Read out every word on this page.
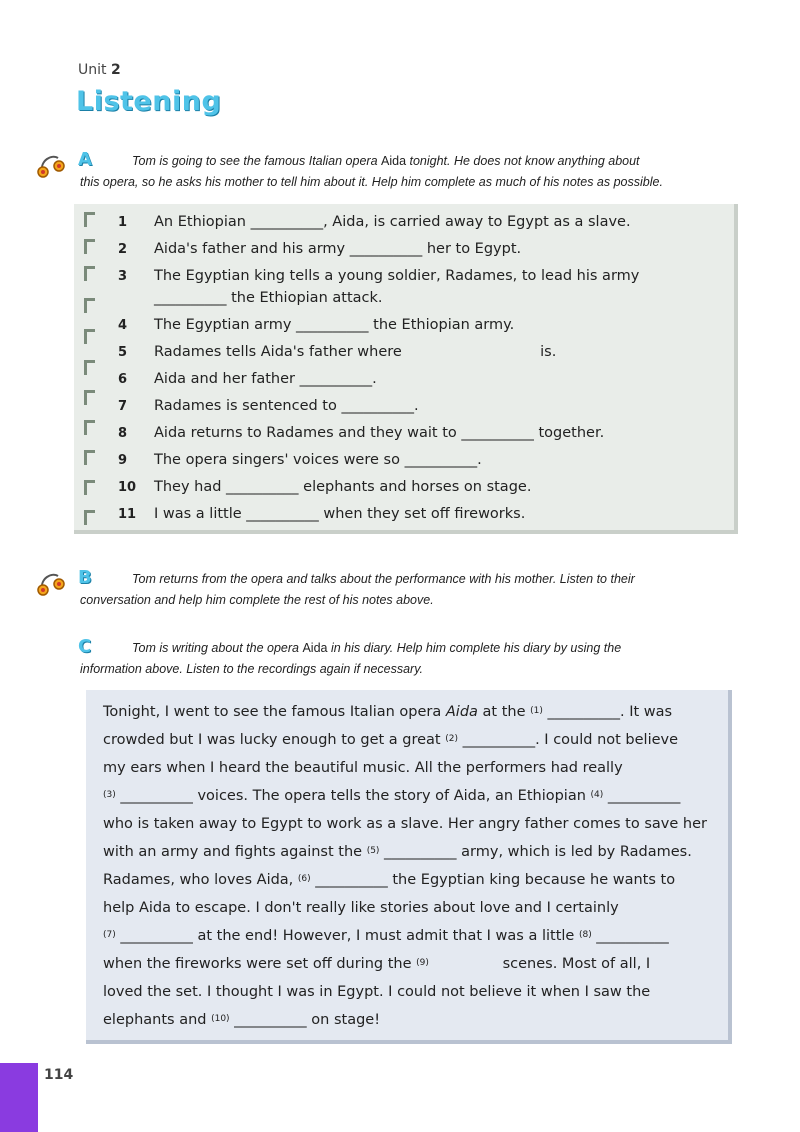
Unit 2
Listening
A	Tom is going to see the famous Italian opera Aida tonight. He does not know anything about
this opera, so he asks his mother to tell him about it. Help him complete as much of his notes as possible.
1 An Ethiopian __________, Aida, is carried away to Egypt as a slave.
2 Aida's father and his army __________ her to Egypt.
3 The Egyptian king tells a young soldier, Radames, to lead his army
__________ the Ethiopian attack.
4 The Egyptian army __________ the Ethiopian army.
5 Radames tells Aida's father where                              is.
6 Aida and her father __________.
7 Radames is sentenced to __________.
8 Aida returns to Radames and they wait to __________ together.
9 The opera singers' voices were so __________.
10 They had __________ elephants and horses on stage.
11 I was a little __________ when they set off fireworks.
B	Tom returns from the opera and talks about the performance with his mother. Listen to their
conversation and help him complete the rest of his notes above.
C	Tom is writing about the opera Aida in his diary. Help him complete his diary by using the
information above. Listen to the recordings again if necessary.
Tonight, I went to see the famous Italian opera Aida at the $^{(1)}$ __________. It was
crowded but I was lucky enough to get a great $^{(2)}$ __________. I could not believe
my ears when I heard the beautiful music. All the performers had really
$^{(3)}$ __________ voices. The opera tells the story of Aida, an Ethiopian $^{(4)}$ __________
who is taken away to Egypt to work as a slave. Her angry father comes to save her
with an army and fights against the $^{(5)}$ __________ army, which is led by Radames.
Radames, who loves Aida, $^{(6)}$ __________ the Egyptian king because he wants to
help Aida to escape. I don't really like stories about love and I certainly
$^{(7)}$ __________ at the end! However, I must admit that I was a little $^{(8)}$ __________
when the fireworks were set off during the $^{(9)}$                scenes. Most of all, I
loved the set. I thought I was in Egypt. I could not believe it when I saw the
elephants and $^{(10)}$ __________ on stage!
114
